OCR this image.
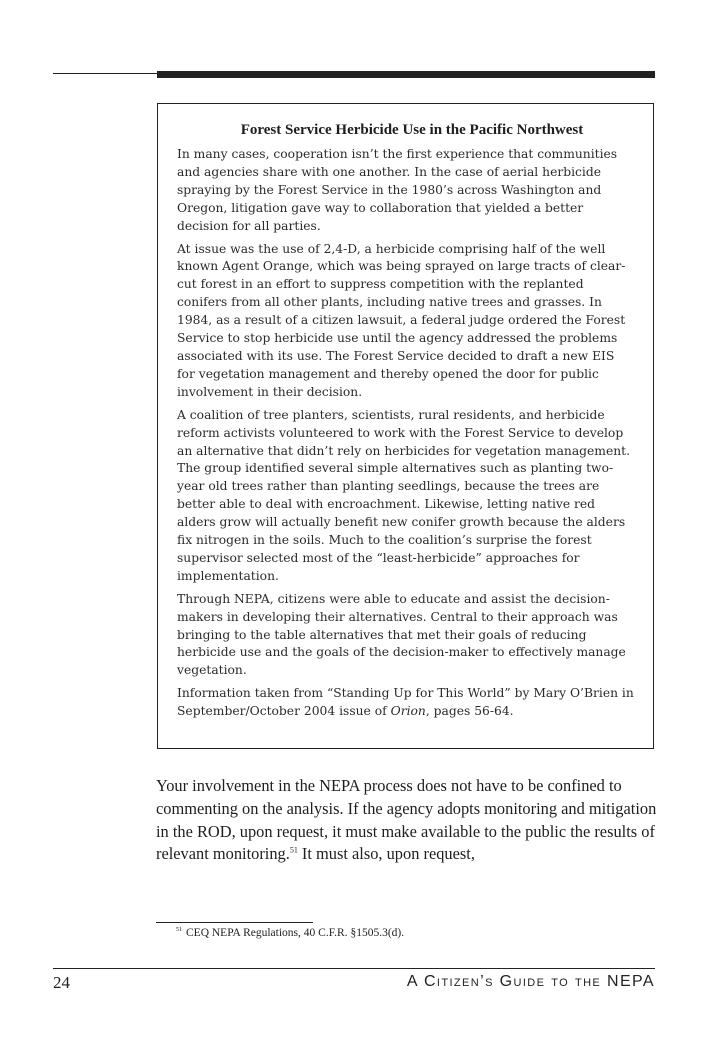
Forest Service Herbicide Use in the Pacific Northwest

In many cases, cooperation isn’t the first experience that communities and agencies share with one another. In the case of aerial herbicide spraying by the Forest Service in the 1980’s across Washington and Oregon, litigation gave way to collaboration that yielded a better decision for all parties.

At issue was the use of 2,4-D, a herbicide comprising half of the well known Agent Orange, which was being sprayed on large tracts of clear-cut forest in an effort to suppress competition with the replanted conifers from all other plants, including native trees and grasses. In 1984, as a result of a citizen lawsuit, a federal judge ordered the Forest Service to stop herbicide use until the agency addressed the problems associated with its use. The Forest Service decided to draft a new EIS for vegetation management and thereby opened the door for public involvement in their decision.

A coalition of tree planters, scientists, rural residents, and herbicide reform activists volunteered to work with the Forest Service to develop an alternative that didn’t rely on herbicides for vegetation management. The group identified several simple alternatives such as planting two-year old trees rather than planting seedlings, because the trees are better able to deal with encroachment. Likewise, letting native red alders grow will actually benefit new conifer growth because the alders fix nitrogen in the soils. Much to the coalition’s surprise the forest supervisor selected most of the “least-herbicide” approaches for implementation.

Through NEPA, citizens were able to educate and assist the decision-makers in developing their alternatives. Central to their approach was bringing to the table alternatives that met their goals of reducing herbicide use and the goals of the decision-maker to effectively manage vegetation.

Information taken from “Standing Up for This World” by Mary O’Brien in September/October 2004 issue of Orion, pages 56-64.

Your involvement in the NEPA process does not have to be confined to commenting on the analysis. If the agency adopts monitoring and mitigation in the ROD, upon request, it must make available to the public the results of relevant monitoring.$^{51}$ It must also, upon request,
$^{51}$ CEQ NEPA Regulations, 40 C.F.R. §1505.3(d).
24	A Citizen’s Guide to the NEPA
